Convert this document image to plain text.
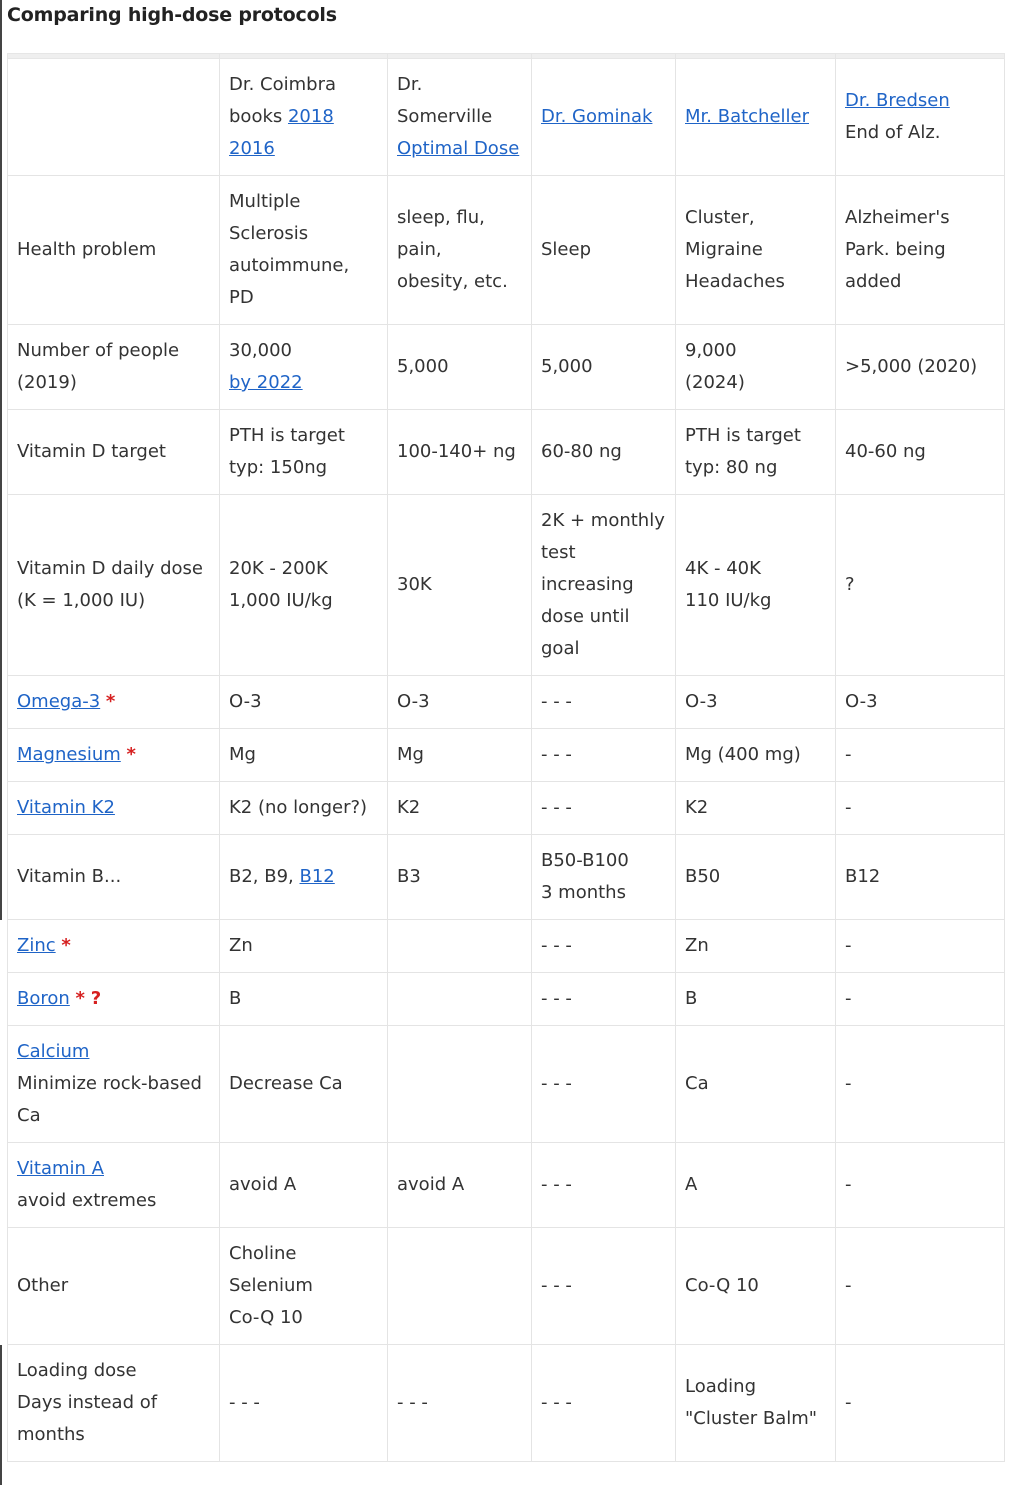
Comparing high-dose protocols

	Dr. Coimbra
books 2018
2016	Dr. Somerville
Optimal Dose	Dr. Gominak	Mr. Batcheller	Dr. Bredsen
End of Alz.

Health problem	Multiple
Sclerosis
autoimmune,
PD	sleep, flu,
pain,
obesity, etc.	Sleep	Cluster,
Migraine
Headaches	Alzheimer's
Park. being
added

Number of people
(2019)	30,000
by 2022	5,000	5,000	9,000
(2024)	>5,000 (2020)
Vitamin D target	PTH is target
typ: 150ng	100-140+ ng	60-80 ng	PTH is target
typ: 80 ng	40-60 ng

Vitamin D daily dose
(K = 1,000 IU)	20K - 200K
1,000 IU/kg	30K	2K + monthly
test
increasing
dose until
goal	4K - 40K
110 IU/kg	?
Omega-3 *	O-3	O-3	- - -	O-3	O-3
Magnesium *	Mg	Mg	- - -	Mg (400 mg)	-
Vitamin K2	K2 (no longer?)	K2	- - -	K2	-
Vitamin B...	B2, B9, B12	B3	B50-B100
3 months	B50	B12
Zinc *	Zn		- - -	Zn	-
Boron * ?	B		- - -	B	-

Calcium
Minimize rock-based
Ca	Decrease Ca		- - -	Ca	-

Vitamin A
avoid extremes	avoid A	avoid A	- - -	A	-
Other	Choline
Selenium
Co-Q 10		- - -	Co-Q 10	-

Loading dose
Days instead of
months	- - -	- - -	- - -	Loading
"Cluster Balm"	-
